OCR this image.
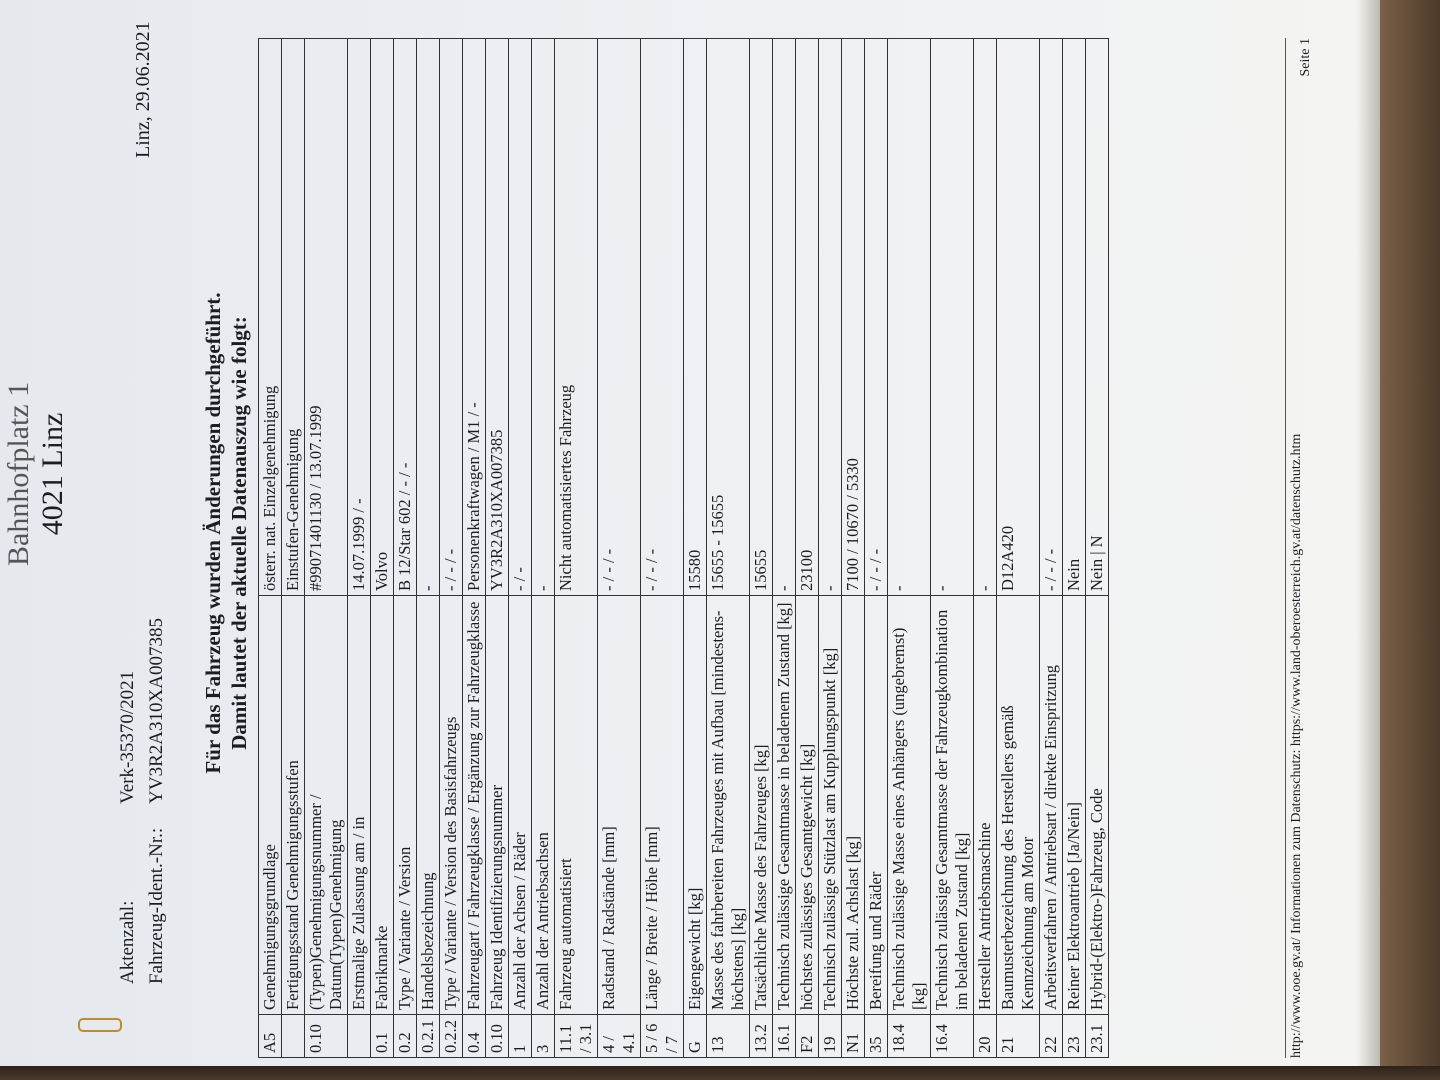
Bahnhofplatz 1 4021 Linz
Aktenzahl:	Verk-35370/2021
Fahrzeug-Ident.-Nr.:	YV3R2A310XA007385
Linz, 29.06.2021
Für das Fahrzeug wurden Änderungen durchgeführt. Damit lautet der aktuelle Datenauszug wie folgt:
A5	Genehmigungsgrundlage	österr. nat. Einzelgenehmigung
	Fertigungsstand Genehmigungsstufen	Einstufen-Genehmigung
0.10	(Typen)Genehmigungsnummer / Datum(Typen)Genehmigung	#99071401130 / 13.07.1999
	Erstmalige Zulassung am / in	14.07.1999 / -
0.1	Fabrikmarke	Volvo
0.2	Type / Variante / Version	B 12/Star 602 / - / -
0.2.1	Handelsbezeichnung	-
0.2.2	Type / Variante / Version des Basisfahrzeugs	- / - / -
0.4	Fahrzeugart / Fahrzeugklasse / Ergänzung zur Fahrzeugklasse	Personenkraftwagen / M1 / -
0.10	Fahrzeug Identifizierungsnummer	YV3R2A310XA007385
1	Anzahl der Achsen / Räder	- / -
3	Anzahl der Antriebsachsen	-
11.1 / 3.1	Fahrzeug automatisiert	Nicht automatisiertes Fahrzeug
4 / 4.1	Radstand / Radstände [mm]	- / - / -
5 / 6 / 7	Länge / Breite / Höhe [mm]	- / - / -
G	Eigengewicht [kg]	15580
13	Masse des fahrbereiten Fahrzeuges mit Aufbau [mindestens-höchstens] [kg]	15655 - 15655
13.2	Tatsächliche Masse des Fahrzeuges [kg]	15655
16.1	Technisch zulässige Gesamtmasse in beladenem Zustand [kg]	-
F2	höchstes zulässiges Gesamtgewicht [kg]	23100
19	Technisch zulässige Stützlast am Kupplungspunkt [kg]	-
N1	Höchste zul. Achslast [kg]	7100 / 10670 / 5330
35	Bereifung und Räder	- / - / -
18.4	Technisch zulässige Masse eines Anhängers (ungebremst) [kg]	-
16.4	Technisch zulässige Gesamtmasse der Fahrzeugkombination im beladenen Zustand [kg]	-
20	Hersteller Antriebsmaschine	-
21	Baumusterbezeichnung des Herstellers gemäß Kennzeichnung am Motor	D12A420
22	Arbeitsverfahren / Antriebsart / direkte Einspritzung	- / - / -
23	Reiner Elektroantrieb [Ja/Nein]	Nein
23.1	Hybrid-(Elektro-)Fahrzeug, Code	Nein | N	http://www.ooe.gv.at/ Informationen zum Datenschutz: https://www.land-oberoesterreich.gv.at/datenschutz.htm
Seite 1
